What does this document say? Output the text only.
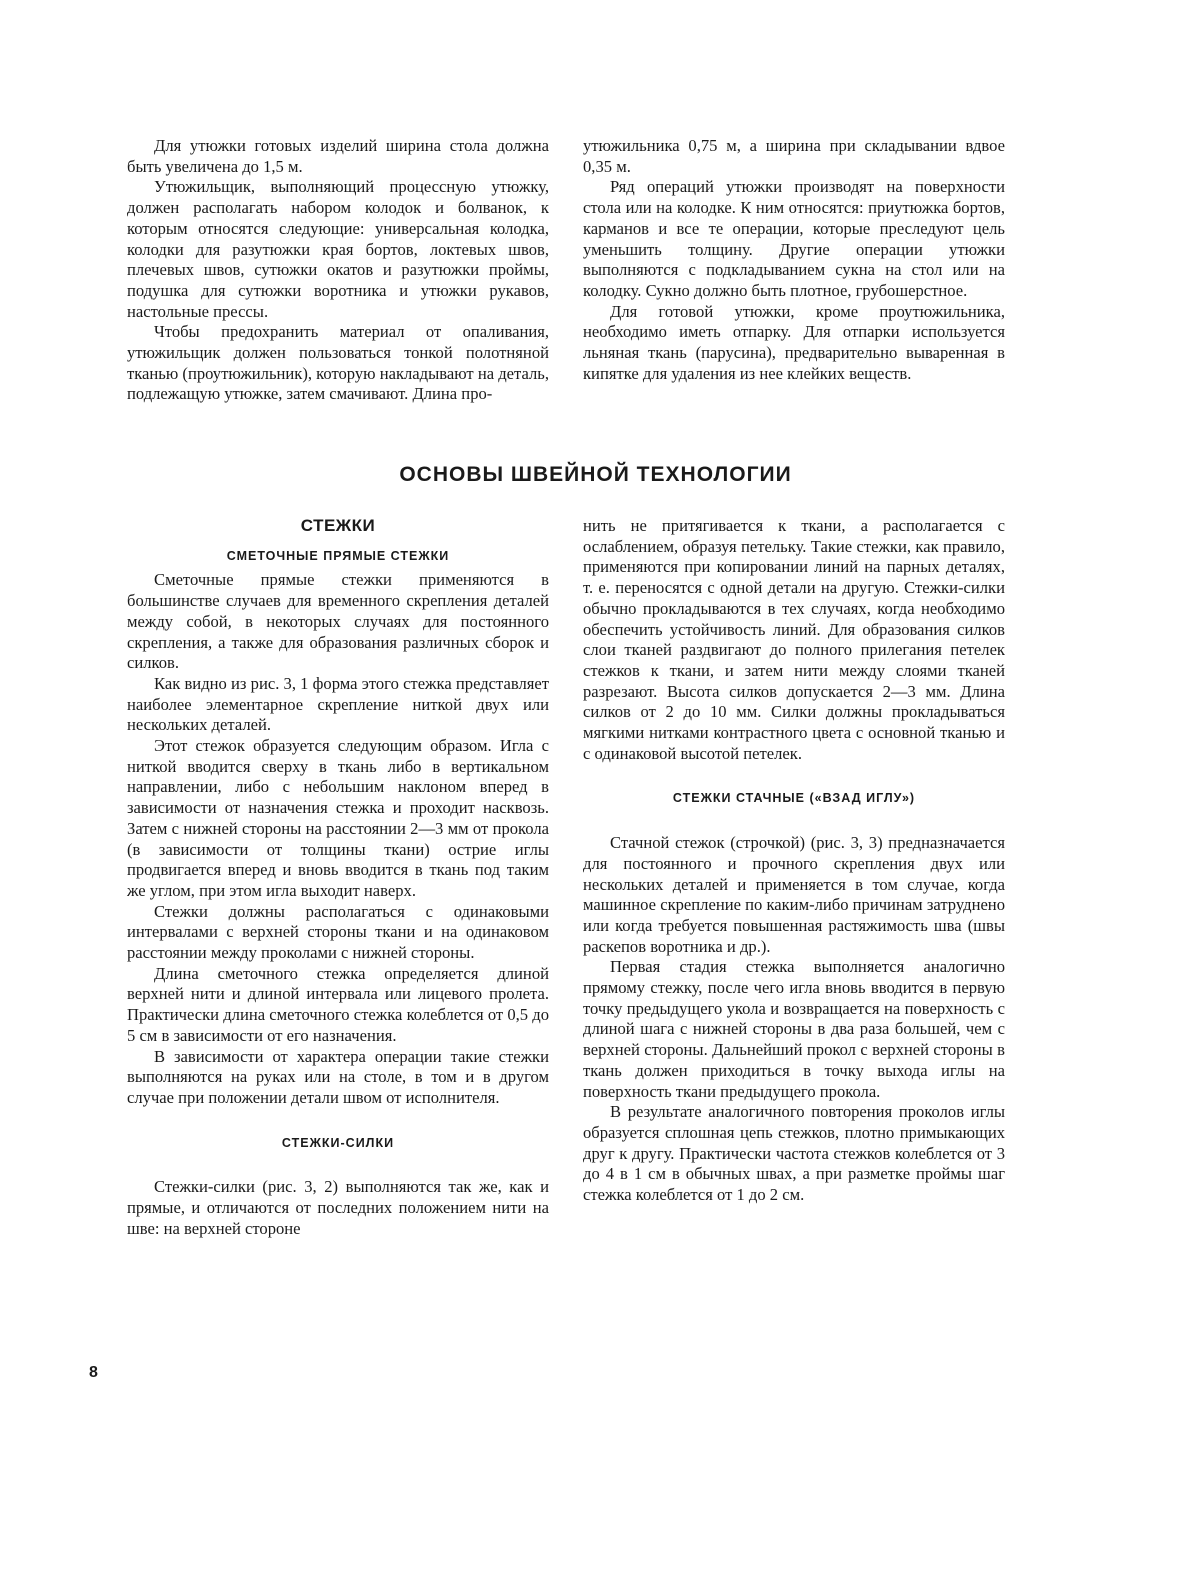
Для утюжки готовых изделий ширина стола должна быть увеличена до 1,5 м.

Утюжильщик, выполняющий процессную утюжку, должен располагать набором колодок и болванок, к которым относятся следующие: универсальная колодка, колодки для разутюжки края бортов, локтевых швов, плечевых швов, сутюжки окатов и разутюжки проймы, подушка для сутюжки воротника и утюжки рукавов, настольные прессы.

Чтобы предохранить материал от опаливания, утюжильщик должен пользоваться тонкой полотняной тканью (проутюжильник), которую накладывают на деталь, подлежащую утюжке, затем смачивают. Длина про-

утюжильника 0,75 м, а ширина при складывании вдвое 0,35 м.

Ряд операций утюжки производят на поверхности стола или на колодке. К ним относятся: приутюжка бортов, карманов и все те операции, которые преследуют цель уменьшить толщину. Другие операции утюжки выполняются с подкладыванием сукна на стол или на колодку. Сукно должно быть плотное, грубошерстное.

Для готовой утюжки, кроме проутюжильника, необходимо иметь отпарку. Для отпарки используется льняная ткань (парусина), предварительно вываренная в кипятке для удаления из нее клейких веществ.

ОСНОВЫ ШВЕЙНОЙ ТЕХНОЛОГИИ
СТЕЖКИ
СМЕТОЧНЫЕ ПРЯМЫЕ СТЕЖКИ

Сметочные прямые стежки применяются в большинстве случаев для временного скрепления деталей между собой, в некоторых случаях для постоянного скрепления, а также для образования различных сборок и силков.

Как видно из рис. 3, 1 форма этого стежка представляет наиболее элементарное скрепление ниткой двух или нескольких деталей.

Этот стежок образуется следующим образом. Игла с ниткой вводится сверху в ткань либо в вертикальном направлении, либо с небольшим наклоном вперед в зависимости от назначения стежка и проходит насквозь. Затем с нижней стороны на расстоянии 2—3 мм от прокола (в зависимости от толщины ткани) острие иглы продвигается вперед и вновь вводится в ткань под таким же углом, при этом игла выходит наверх.

Стежки должны располагаться с одинаковыми интервалами с верхней стороны ткани и на одинаковом расстоянии между проколами с нижней стороны.

Длина сметочного стежка определяется длиной верхней нити и длиной интервала или лицевого пролета. Практически длина сметочного стежка колеблется от 0,5 до 5 см в зависимости от его назначения.

В зависимости от характера операции такие стежки выполняются на руках или на столе, в том и в другом случае при положении детали швом от исполнителя.

СТЕЖКИ-СИЛКИ

Стежки-силки (рис. 3, 2) выполняются так же, как и прямые, и отличаются от последних положением нити на шве: на верхней стороне

нить не притягивается к ткани, а располагается с ослаблением, образуя петельку. Такие стежки, как правило, применяются при копировании линий на парных деталях, т. е. переносятся с одной детали на другую. Стежки-силки обычно прокладываются в тех случаях, когда необходимо обеспечить устойчивость линий. Для образования силков слои тканей раздвигают до полного прилегания петелек стежков к ткани, и затем нити между слоями тканей разрезают. Высота силков допускается 2—3 мм. Длина силков от 2 до 10 мм. Силки должны прокладываться мягкими нитками контрастного цвета с основной тканью и с одинаковой высотой петелек.

СТЕЖКИ СТАЧНЫЕ («ВЗАД ИГЛУ»)

Стачной стежок (строчкой) (рис. 3, 3) предназначается для постоянного и прочного скрепления двух или нескольких деталей и применяется в том случае, когда машинное скрепление по каким-либо причинам затруднено или когда требуется повышенная растяжимость шва (швы раскепов воротника и др.).

Первая стадия стежка выполняется аналогично прямому стежку, после чего игла вновь вводится в первую точку предыдущего укола и возвращается на поверхность с длиной шага с нижней стороны в два раза большей, чем с верхней стороны. Дальнейший прокол с верхней стороны в ткань должен приходиться в точку выхода иглы на поверхность ткани предыдущего прокола.

В результате аналогичного повторения проколов иглы образуется сплошная цепь стежков, плотно примыкающих друг к другу. Практически частота стежков колеблется от 3 до 4 в 1 см в обычных швах, а при разметке проймы шаг стежка колеблется от 1 до 2 см.

8
